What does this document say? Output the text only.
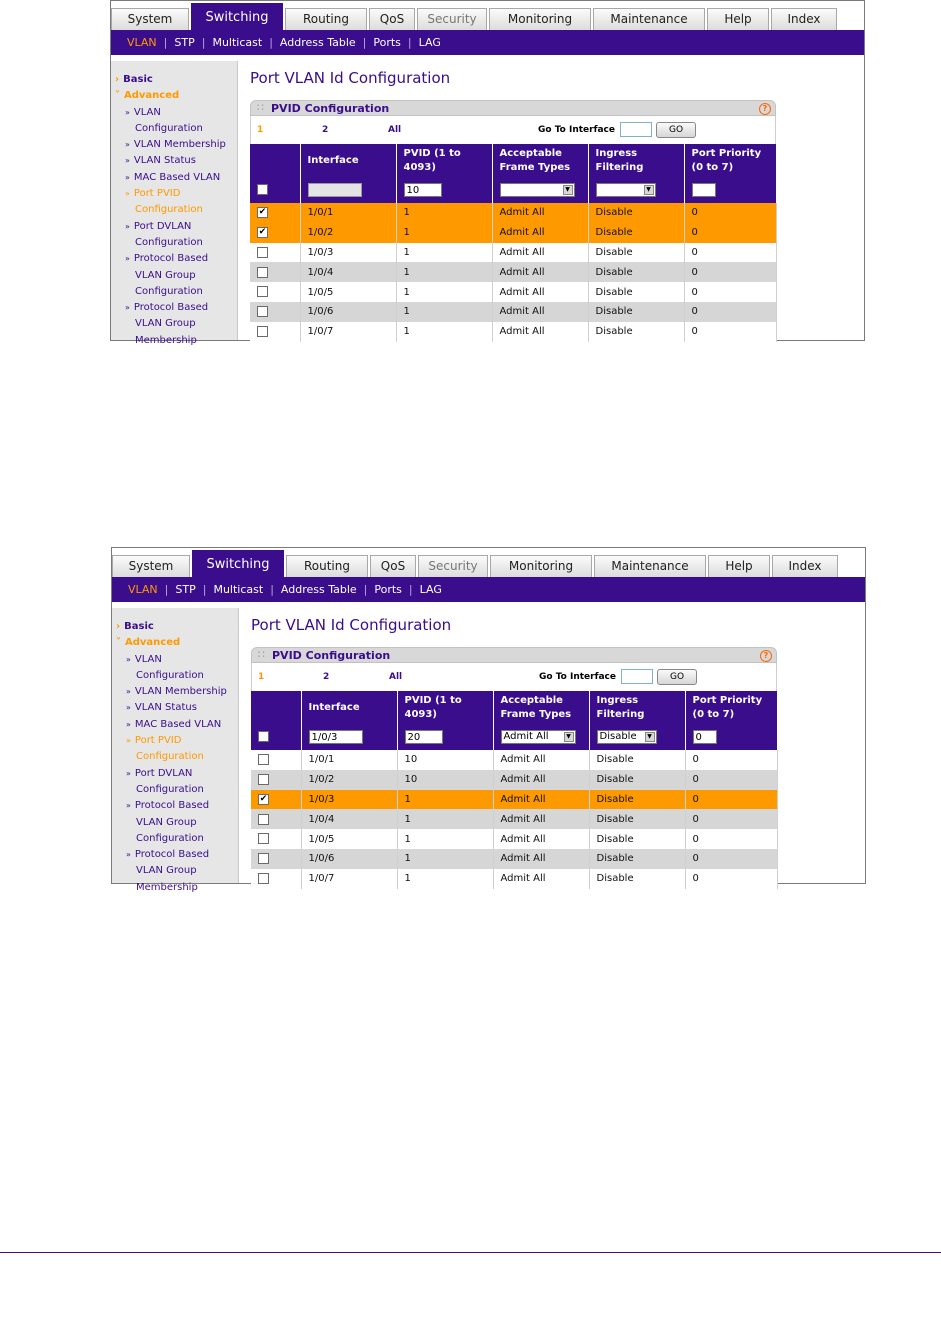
System	Switching	Routing	QoS	Security	Monitoring	Maintenance	Help	Index
VLAN | STP | Multicast | Address Table | Ports | LAG
› Basic
˅ Advanced
» VLAN
Configuration
» VLAN Membership
» VLAN Status
» MAC Based VLAN
» Port PVID
Configuration
» Port DVLAN
Configuration
» Protocol Based
VLAN Group
Configuration
» Protocol Based
VLAN Group
Membership
Port VLAN Id Configuration
∷ PVID Configuration	?
1	2	All	Go To Interface	GO
	Interface	PVID (1 to 4093)	Acceptable Frame Types	Ingress Filtering	Port Priority (0 to 7)
		10	▼	▼	

✔	1/0/1	1	Admit All	Disable	0
✔	1/0/2	1	Admit All	Disable	0
	1/0/3	1	Admit All	Disable	0
	1/0/4	1	Admit All	Disable	0
	1/0/5	1	Admit All	Disable	0
	1/0/6	1	Admit All	Disable	0
	1/0/7	1	Admit All	Disable	0
System	Switching	Routing	QoS	Security	Monitoring	Maintenance	Help	Index
VLAN | STP | Multicast | Address Table | Ports | LAG
› Basic
˅ Advanced
» VLAN
Configuration
» VLAN Membership
» VLAN Status
» MAC Based VLAN
» Port PVID
Configuration
» Port DVLAN
Configuration
» Protocol Based
VLAN Group
Configuration
» Protocol Based
VLAN Group
Membership
Port VLAN Id Configuration
∷ PVID Configuration	?
1	2	All	Go To Interface	GO
	Interface	PVID (1 to 4093)	Acceptable Frame Types	Ingress Filtering	Port Priority (0 to 7)
	1/0/3	20	Admit All ▼	Disable ▼	0
	1/0/1	10	Admit All	Disable	0
	1/0/2	10	Admit All	Disable	0
✔	1/0/3	1	Admit All	Disable	0
	1/0/4	1	Admit All	Disable	0
	1/0/5	1	Admit All	Disable	0
	1/0/6	1	Admit All	Disable	0
	1/0/7	1	Admit All	Disable	0
